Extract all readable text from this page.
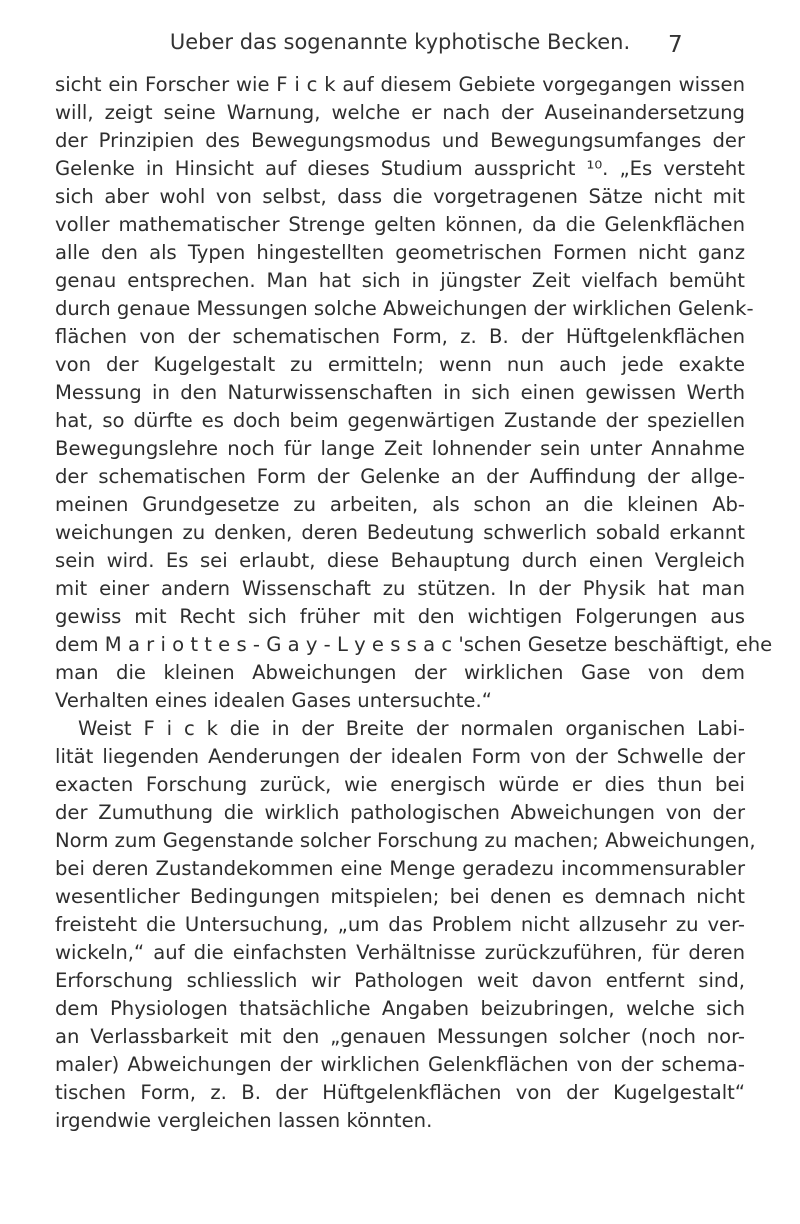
Ueber das sogenannte kyphotische Becken.	7
sicht ein Forscher wie F i c k auf diesem Gebiete vorgegangen wissen
will, zeigt seine Warnung, welche er nach der Auseinandersetzung
der Prinzipien des Bewegungsmodus und Bewegungsumfanges der
Gelenke in Hinsicht auf dieses Studium ausspricht ¹⁰. „Es versteht
sich aber wohl von selbst, dass die vorgetragenen Sätze nicht mit
voller mathematischer Strenge gelten können, da die Gelenkflächen
alle den als Typen hingestellten geometrischen Formen nicht ganz
genau entsprechen. Man hat sich in jüngster Zeit vielfach bemüht
durch genaue Messungen solche Abweichungen der wirklichen Gelenk-
flächen von der schematischen Form, z. B. der Hüftgelenkflächen
von der Kugelgestalt zu ermitteln; wenn nun auch jede exakte
Messung in den Naturwissenschaften in sich einen gewissen Werth
hat, so dürfte es doch beim gegenwärtigen Zustande der speziellen
Bewegungslehre noch für lange Zeit lohnender sein unter Annahme
der schematischen Form der Gelenke an der Auffindung der allge-
meinen Grundgesetze zu arbeiten, als schon an die kleinen Ab-
weichungen zu denken, deren Bedeutung schwerlich sobald erkannt
sein wird. Es sei erlaubt, diese Behauptung durch einen Vergleich
mit einer andern Wissenschaft zu stützen. In der Physik hat man
gewiss mit Recht sich früher mit den wichtigen Folgerungen aus
dem M a r i o t t e s - G a y - L y e s s a c 'schen Gesetze beschäftigt, ehe
man die kleinen Abweichungen der wirklichen Gase von dem
Verhalten eines idealen Gases untersuchte.“
Weist F i c k die in der Breite der normalen organischen Labi-
lität liegenden Aenderungen der idealen Form von der Schwelle der
exacten Forschung zurück, wie energisch würde er dies thun bei
der Zumuthung die wirklich pathologischen Abweichungen von der
Norm zum Gegenstande solcher Forschung zu machen; Abweichungen,
bei deren Zustandekommen eine Menge geradezu incommensurabler
wesentlicher Bedingungen mitspielen; bei denen es demnach nicht
freisteht die Untersuchung, „um das Problem nicht allzusehr zu ver-
wickeln,“ auf die einfachsten Verhältnisse zurückzuführen, für deren
Erforschung schliesslich wir Pathologen weit davon entfernt sind,
dem Physiologen thatsächliche Angaben beizubringen, welche sich
an Verlassbarkeit mit den „genauen Messungen solcher (noch nor-
maler) Abweichungen der wirklichen Gelenkflächen von der schema-
tischen Form, z. B. der Hüftgelenkflächen von der Kugelgestalt“
irgendwie vergleichen lassen könnten.
